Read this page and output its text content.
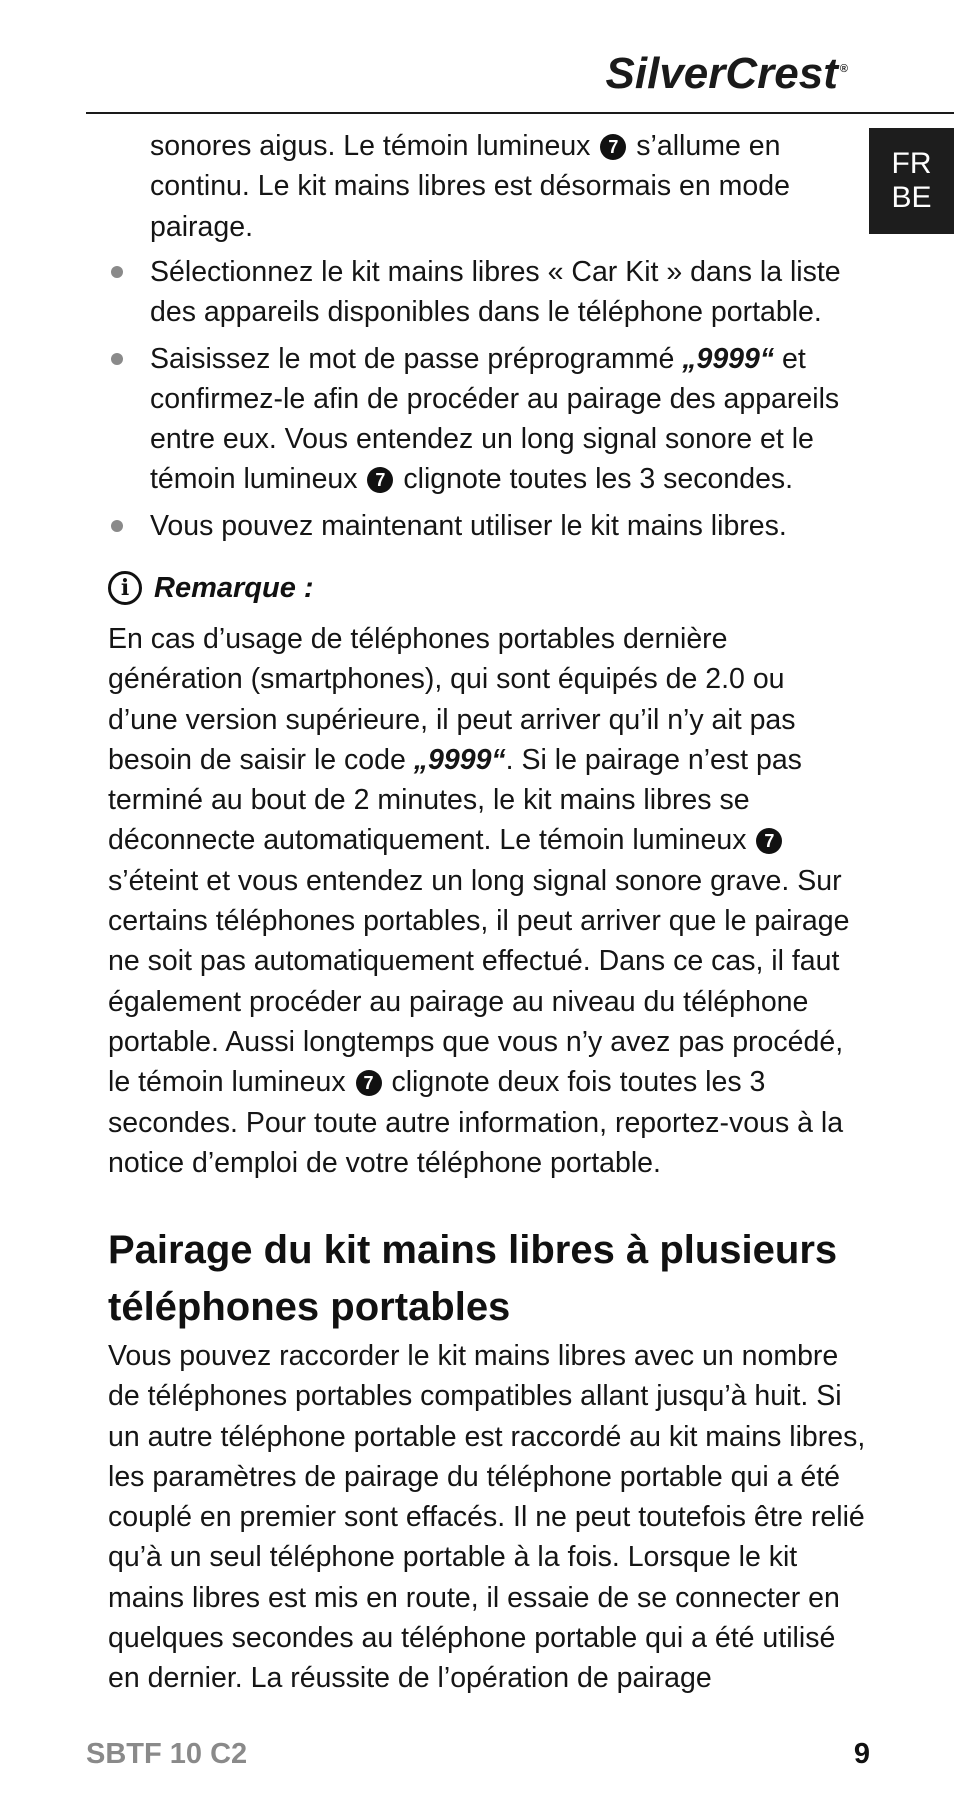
SilverCrest ®
FR
BE
sonores aigus. Le témoin lumineux 7 s’allume en continu. Le kit mains libres est désormais en mode pairage.
Sélectionnez le kit mains libres « Car Kit » dans la liste des appareils disponibles dans le téléphone portable.
Saisissez le mot de passe préprogrammé „9999“ et confirmez-le afin de procéder au pairage des appareils entre eux. Vous entendez un long signal sonore et le témoin lumineux 7 clignote toutes les 3 secondes.
Vous pouvez maintenant utiliser le kit mains libres.
i Remarque :
En cas d’usage de téléphones portables dernière génération (smartphones), qui sont équipés de 2.0 ou d’une version supérieure, il peut arriver qu’il n’y ait pas besoin de saisir le code „9999“. Si le pairage n’est pas terminé au bout de 2 minutes, le kit mains libres se déconnecte automatiquement. Le témoin lumineux 7 s’éteint et vous entendez un long signal sonore grave. Sur certains téléphones portables, il peut arriver que le pairage ne soit pas automatiquement effectué. Dans ce cas, il faut également procéder au pairage au niveau du téléphone portable. Aussi longtemps que vous n’y avez pas procédé, le témoin lumineux 7 clignote deux fois toutes les 3 secondes. Pour toute autre information, reportez-vous à la notice d’emploi de votre téléphone portable.
Pairage du kit mains libres à plusieurs téléphones portables
Vous pouvez raccorder le kit mains libres avec un nombre de téléphones portables compatibles allant jusqu’à huit. Si un autre téléphone portable est raccordé au kit mains libres, les paramètres de pairage du téléphone portable qui a été couplé en premier sont effacés. Il ne peut toutefois être relié qu’à un seul téléphone portable à la fois. Lorsque le kit mains libres est mis en route, il essaie de se connecter en quelques secondes au téléphone portable qui a été utilisé en dernier. La réussite de l’opération de pairage
SBTF 10 C2	9
